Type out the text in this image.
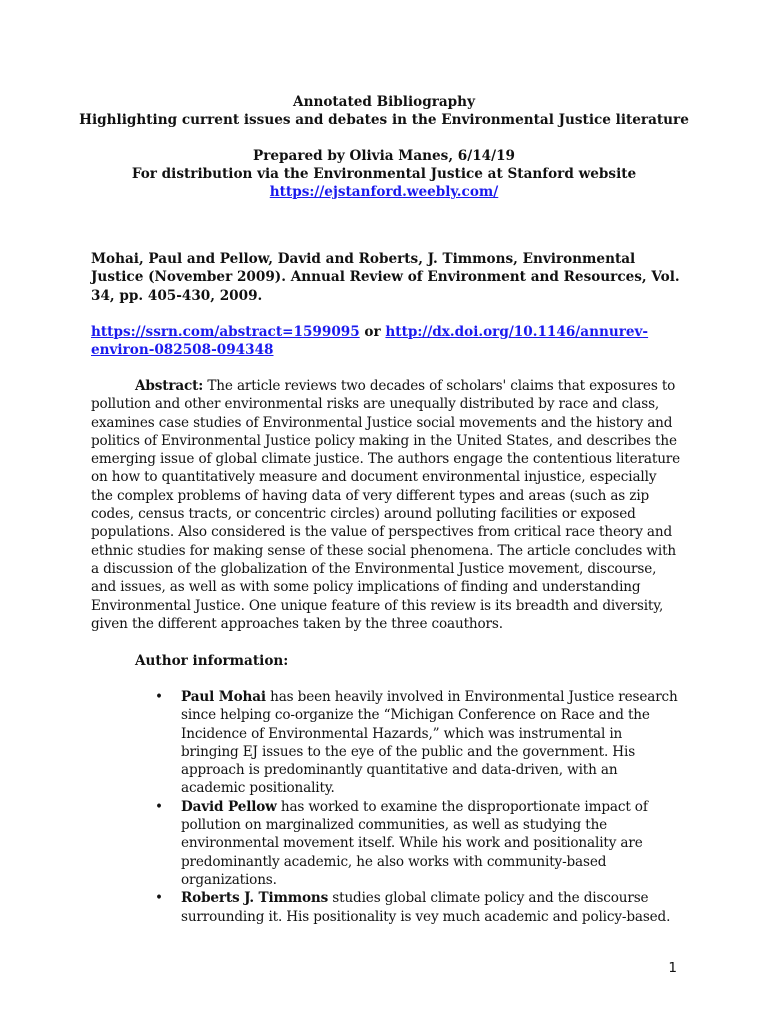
Annotated Bibliography
Highlighting current issues and debates in the Environmental Justice literature
Prepared by Olivia Manes, 6/14/19
For distribution via the Environmental Justice at Stanford website
https://ejstanford.weebly.com/
Mohai, Paul and Pellow, David and Roberts, J. Timmons, Environmental Justice (November 2009). Annual Review of Environment and Resources, Vol. 34, pp. 405-430, 2009.
https://ssrn.com/abstract=1599095 or http://dx.doi.org/10.1146/annurev-environ-082508-094348
Abstract: The article reviews two decades of scholars' claims that exposures to pollution and other environmental risks are unequally distributed by race and class, examines case studies of Environmental Justice social movements and the history and politics of Environmental Justice policy making in the United States, and describes the emerging issue of global climate justice. The authors engage the contentious literature on how to quantitatively measure and document environmental injustice, especially the complex problems of having data of very different types and areas (such as zip codes, census tracts, or concentric circles) around polluting facilities or exposed populations. Also considered is the value of perspectives from critical race theory and ethnic studies for making sense of these social phenomena. The article concludes with a discussion of the globalization of the Environmental Justice movement, discourse, and issues, as well as with some policy implications of finding and understanding Environmental Justice. One unique feature of this review is its breadth and diversity, given the different approaches taken by the three coauthors.
Author information:
• Paul Mohai has been heavily involved in Environmental Justice research since helping co-organize the “Michigan Conference on Race and the Incidence of Environmental Hazards,” which was instrumental in bringing EJ issues to the eye of the public and the government. His approach is predominantly quantitative and data-driven, with an academic positionality.
• David Pellow has worked to examine the disproportionate impact of pollution on marginalized communities, as well as studying the environmental movement itself. While his work and positionality are predominantly academic, he also works with community-based organizations.
• Roberts J. Timmons studies global climate policy and the discourse surrounding it. His positionality is vey much academic and policy-based.
1
